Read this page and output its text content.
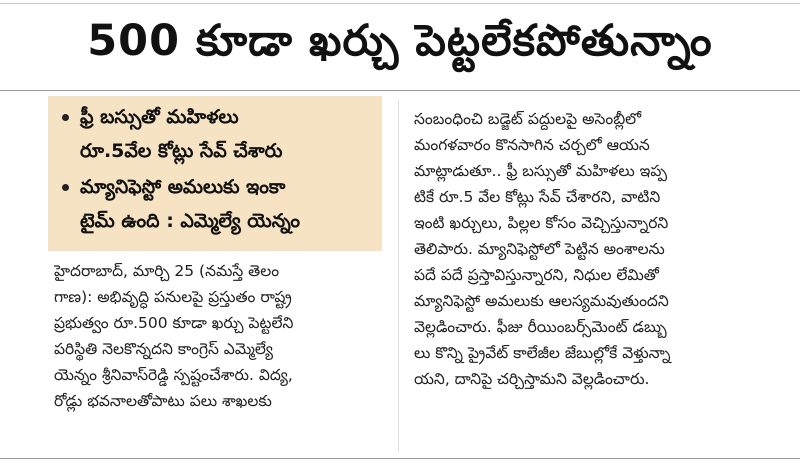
500 కూడా ఖర్చు పెట్టలేకపోతున్నాం
ఫ్రీ బస్సుతో మహిళలు
రూ.5వేల కోట్లు సేవ్ చేశారు
మ్యానిఫెస్టో అమలుకు ఇంకా
టైమ్ ఉంది : ఎమ్మెల్యే యెన్నం
హైదరాబాద్, మార్చి 25 (నమస్తే తెలం
గాణ): అభివృద్ధి పనులపై ప్రస్తుతం రాష్ట్ర
ప్రభుత్వం రూ.500 కూడా ఖర్చు పెట్టలేని
పరిస్థితి నెలకొన్నదని కాంగ్రెస్ ఎమ్మెల్యే
యెన్నం శ్రీనివాస్‌రెడ్డి స్పష్టంచేశారు. విద్య,
రోడ్లు భవనాలతోపాటు పలు శాఖలకు
సంబంధించి బడ్జెట్ పద్దులపై అసెంబ్లీలో
మంగళవారం కొనసాగిన చర్చలో ఆయన
మాట్లాడుతూ.. ఫ్రీ బస్సుతో మహిళలు ఇప్ప
టికే రూ.5 వేల కోట్లు సేవ్ చేశారని, వాటిని
ఇంటి ఖర్చులు, పిల్లల కోసం వెచ్చిస్తున్నారని
తెలిపారు. మ్యానిఫెస్టోలో పెట్టిన అంశాలను
పదే పదే ప్రస్తావిస్తున్నారని, నిధుల లేమితో
మ్యానిఫెస్టో అమలుకు ఆలస్యమవుతుందని
వెల్లడించారు. ఫీజు రీయింబర్స్‌మెంట్ డబ్బు
లు కొన్ని ప్రైవేట్ కాలేజీల జేబుల్లోకే వెళ్తున్నా
యని, దానిపై చర్చిస్తామని వెల్లడించారు.
